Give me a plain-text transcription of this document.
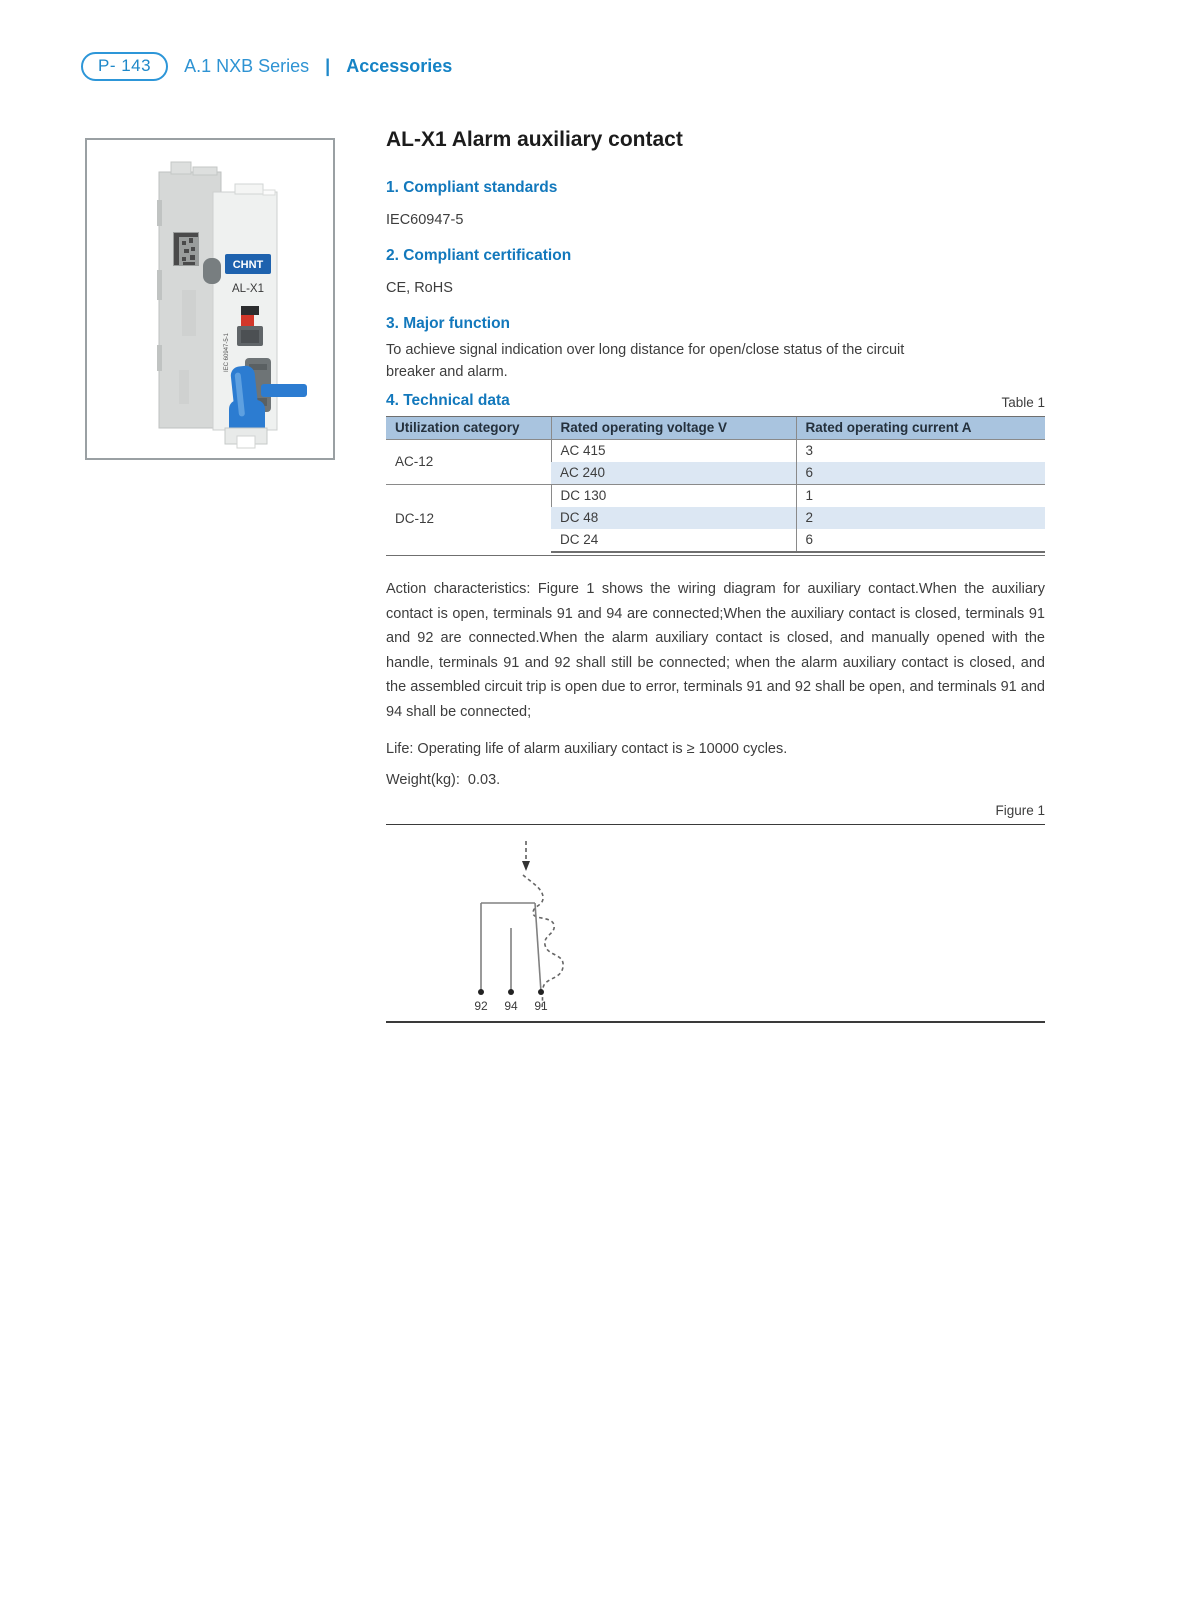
P- 143	A.1 NXB Series | Accessories
CHNT
AL-X1
IEC 60947-5-1
AL-X1 Alarm auxiliary contact
1. Compliant standards

IEC60947-5

2. Compliant certification

CE, RoHS

3. Major function
To achieve signal indication over long distance for open/close status of the circuit
breaker and alarm.
4. Technical data	Table 1
Utilization category	Rated operating voltage V	Rated operating current A
AC-12	AC 415	3
	AC 240	6
DC-12	DC 130	1
	DC 48	2
	DC 24	6

Action characteristics: Figure 1 shows the wiring diagram for auxiliary contact.When the auxiliary contact is open, terminals 91 and 94 are connected;When the auxiliary contact is closed, terminals 91 and 92 are connected.When the alarm auxiliary contact is closed, and manually opened with the handle, terminals 91 and 92 shall still be connected; when the alarm auxiliary contact is closed, and the assembled circuit trip is open due to error, terminals 91 and 92 shall be open, and terminals 91 and 94 shall be connected;

Life: Operating life of alarm auxiliary contact is ≥ 10000 cycles.

Weight(kg):  0.03.

Figure 1
92 94 91
